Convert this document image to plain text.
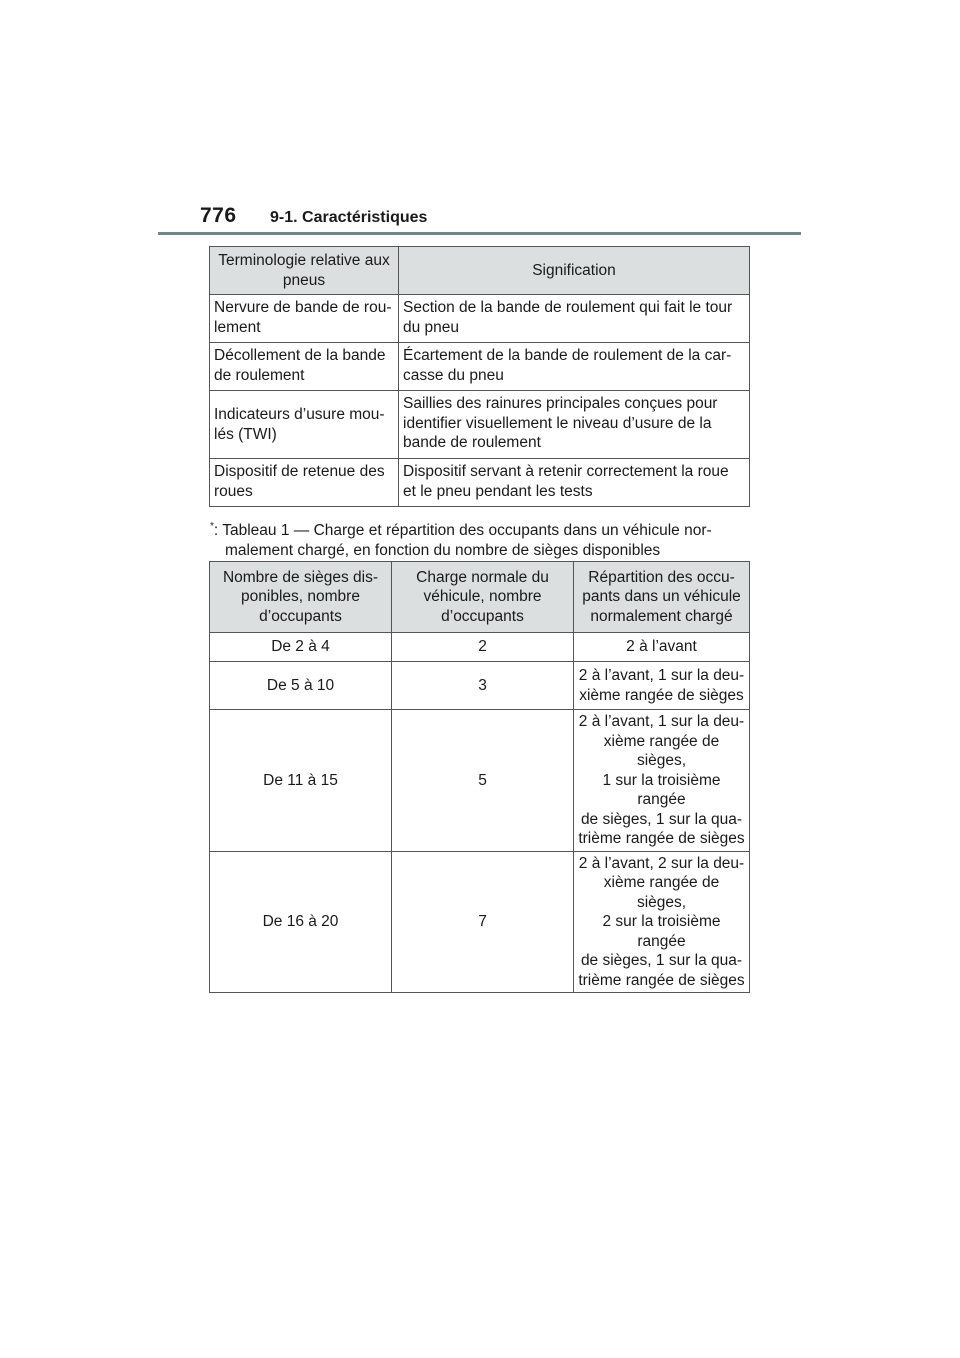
776 9-1. Caractéristiques
Terminologie relative aux pneus	Signification
Nervure de bande de rou-
lement	Section de la bande de roulement qui fait le tour
du pneu
Décollement de la bande
de roulement	Écartement de la bande de roulement de la car-
casse du pneu
Indicateurs d’usure mou-
lés (TWI)	Saillies des rainures principales conçues pour
identifier visuellement le niveau d’usure de la
bande de roulement
Dispositif de retenue des
roues	Dispositif servant à retenir correctement la roue
et le pneu pendant les tests
*: Tableau 1 — Charge et répartition des occupants dans un véhicule nor-
malement chargé, en fonction du nombre de sièges disponibles
Nombre de sièges dis-
ponibles, nombre
d’occupants	Charge normale du
véhicule, nombre
d’occupants	Répartition des occu-
pants dans un véhicule
normalement chargé
De 2 à 4	2	2 à l’avant
De 5 à 10	3	2 à l’avant, 1 sur la deu-
xième rangée de sièges
De 11 à 15	5	2 à l’avant, 1 sur la deu-
xième rangée de sièges,
1 sur la troisième rangée
de sièges, 1 sur la qua-
trième rangée de sièges
De 16 à 20	7	2 à l’avant, 2 sur la deu-
xième rangée de sièges,
2 sur la troisième rangée
de sièges, 1 sur la qua-
trième rangée de sièges
